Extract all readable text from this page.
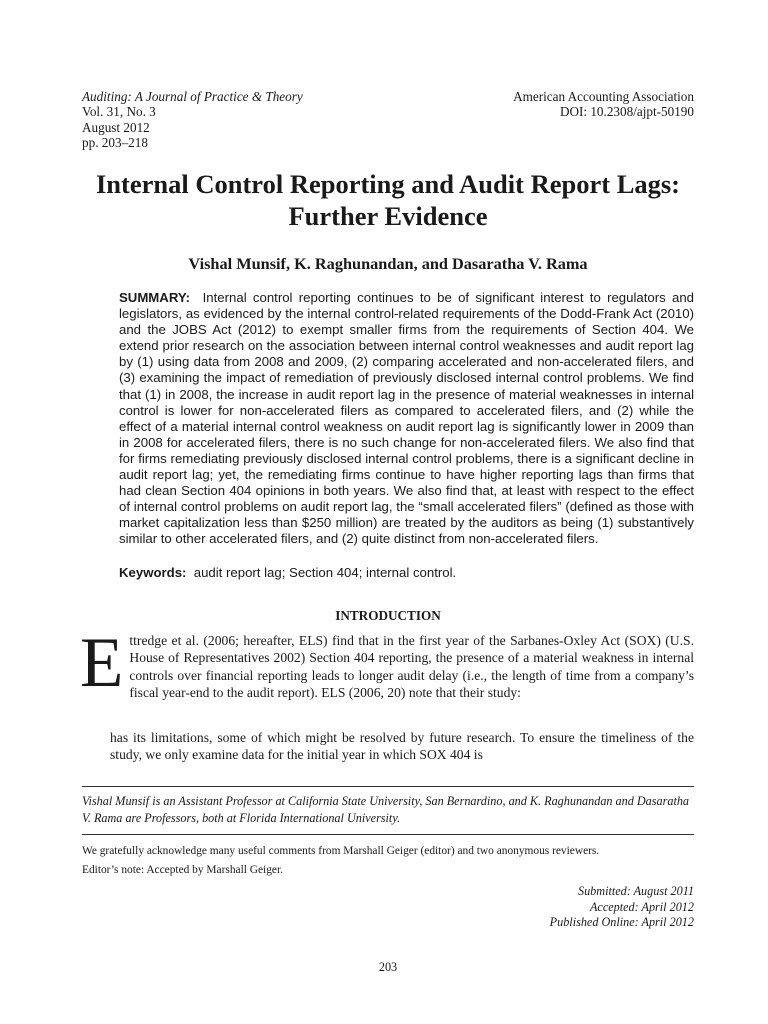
Auditing: A Journal of Practice & Theory
Vol. 31, No. 3
August 2012
pp. 203–218
American Accounting Association
DOI: 10.2308/ajpt-50190
Internal Control Reporting and Audit Report Lags: Further Evidence

Vishal Munsif, K. Raghunandan, and Dasaratha V. Rama

SUMMARY: Internal control reporting continues to be of significant interest to regulators and legislators, as evidenced by the internal control-related requirements of the Dodd-Frank Act (2010) and the JOBS Act (2012) to exempt smaller firms from the requirements of Section 404. We extend prior research on the association between internal control weaknesses and audit report lag by (1) using data from 2008 and 2009, (2) comparing accelerated and non-accelerated filers, and (3) examining the impact of remediation of previously disclosed internal control problems. We find that (1) in 2008, the increase in audit report lag in the presence of material weaknesses in internal control is lower for non-accelerated filers as compared to accelerated filers, and (2) while the effect of a material internal control weakness on audit report lag is significantly lower in 2009 than in 2008 for accelerated filers, there is no such change for non-accelerated filers. We also find that for firms remediating previously disclosed internal control problems, there is a significant decline in audit report lag; yet, the remediating firms continue to have higher reporting lags than firms that had clean Section 404 opinions in both years. We also find that, at least with respect to the effect of internal control problems on audit report lag, the “small accelerated filers” (defined as those with market capitalization less than $250 million) are treated by the auditors as being (1) substantively similar to other accelerated filers, and (2) quite distinct from non-accelerated filers.

Keywords: audit report lag; Section 404; internal control.

INTRODUCTION

Ettredge et al. (2006; hereafter, ELS) find that in the first year of the Sarbanes-Oxley Act (SOX) (U.S. House of Representatives 2002) Section 404 reporting, the presence of a material weakness in internal controls over financial reporting leads to longer audit delay (i.e., the length of time from a company’s fiscal year-end to the audit report). ELS (2006, 20) note that their study:

has its limitations, some of which might be resolved by future research. To ensure the timeliness of the study, we only examine data for the initial year in which SOX 404 is

Vishal Munsif is an Assistant Professor at California State University, San Bernardino, and K. Raghunandan and Dasaratha V. Rama are Professors, both at Florida International University.

We gratefully acknowledge many useful comments from Marshall Geiger (editor) and two anonymous reviewers.

Editor’s note: Accepted by Marshall Geiger.

Submitted: August 2011
Accepted: April 2012
Published Online: April 2012
203
